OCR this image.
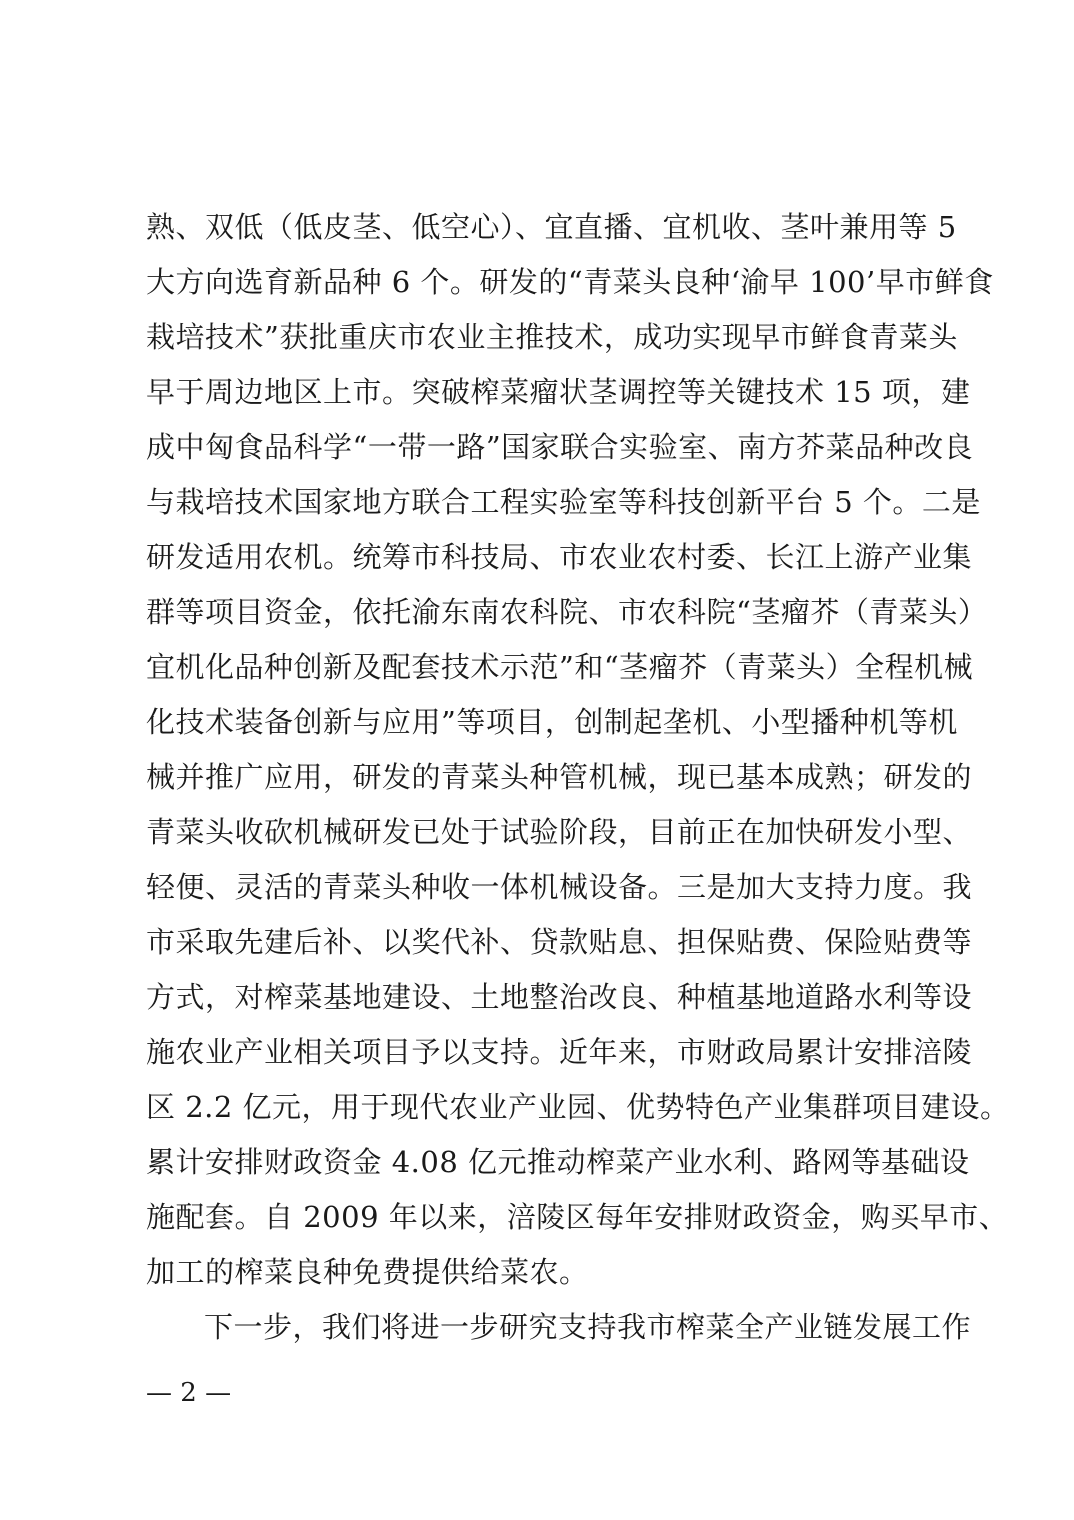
熟、双低（低皮茎、低空心）、宜直播、宜机收、茎叶兼用等 5
大方向选育新品种 6 个。研发的“青菜头良种‘渝早 100’早市鲜食
栽培技术”获批重庆市农业主推技术，成功实现早市鲜食青菜头
早于周边地区上市。突破榨菜瘤状茎调控等关键技术 15 项，建
成中匈食品科学“一带一路”国家联合实验室、南方芥菜品种改良
与栽培技术国家地方联合工程实验室等科技创新平台 5 个。二是
研发适用农机。统筹市科技局、市农业农村委、长江上游产业集
群等项目资金，依托渝东南农科院、市农科院“茎瘤芥（青菜头）
宜机化品种创新及配套技术示范”和“茎瘤芥（青菜头）全程机械
化技术装备创新与应用”等项目，创制起垄机、小型播种机等机
械并推广应用，研发的青菜头种管机械，现已基本成熟；研发的
青菜头收砍机械研发已处于试验阶段，目前正在加快研发小型、
轻便、灵活的青菜头种收一体机械设备。三是加大支持力度。我
市采取先建后补、以奖代补、贷款贴息、担保贴费、保险贴费等
方式，对榨菜基地建设、土地整治改良、种植基地道路水利等设
施农业产业相关项目予以支持。近年来，市财政局累计安排涪陵
区 2.2 亿元，用于现代农业产业园、优势特色产业集群项目建设。
累计安排财政资金 4.08 亿元推动榨菜产业水利、路网等基础设
施配套。自 2009 年以来，涪陵区每年安排财政资金，购买早市、
加工的榨菜良种免费提供给菜农。
下一步，我们将进一步研究支持我市榨菜全产业链发展工作
— 2 —
